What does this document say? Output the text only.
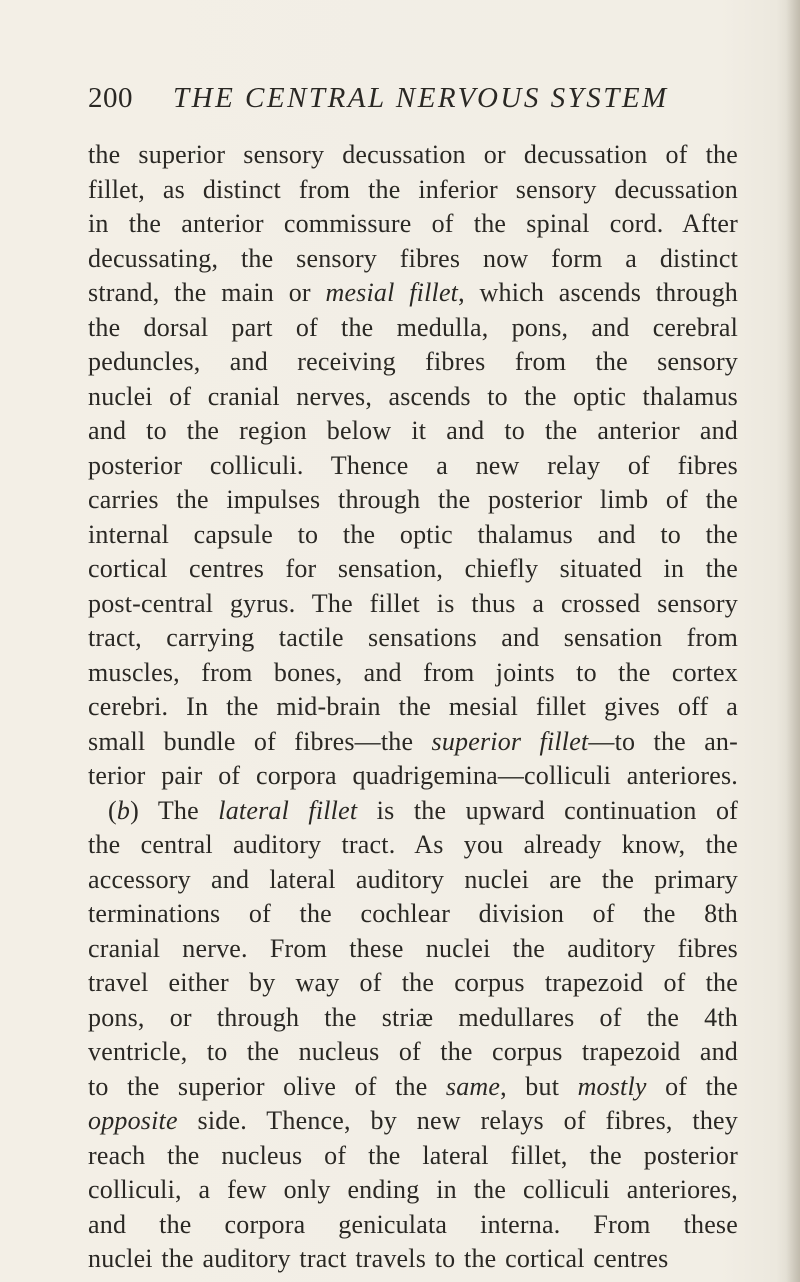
200 THE CENTRAL NERVOUS SYSTEM
the superior sensory decussation or decussation of the
fillet, as distinct from the inferior sensory decussation
in the anterior commissure of the spinal cord. After
decussating, the sensory fibres now form a distinct
strand, the main or mesial fillet, which ascends through
the dorsal part of the medulla, pons, and cerebral
peduncles, and receiving fibres from the sensory
nuclei of cranial nerves, ascends to the optic thalamus
and to the region below it and to the anterior and
posterior colliculi. Thence a new relay of fibres
carries the impulses through the posterior limb of the
internal capsule to the optic thalamus and to the
cortical centres for sensation, chiefly situated in the
post-central gyrus. The fillet is thus a crossed sensory
tract, carrying tactile sensations and sensation from
muscles, from bones, and from joints to the cortex
cerebri. In the mid-brain the mesial fillet gives off a
small bundle of fibres—the superior fillet—to the an-
terior pair of corpora quadrigemina—colliculi anteriores.
(b) The lateral fillet is the upward continuation of
the central auditory tract. As you already know, the
accessory and lateral auditory nuclei are the primary
terminations of the cochlear division of the 8th
cranial nerve. From these nuclei the auditory fibres
travel either by way of the corpus trapezoid of the
pons, or through the striæ medullares of the 4th
ventricle, to the nucleus of the corpus trapezoid and
to the superior olive of the same, but mostly of the
opposite side. Thence, by new relays of fibres, they
reach the nucleus of the lateral fillet, the posterior
colliculi, a few only ending in the colliculi anteriores,
and the corpora geniculata interna. From these
nuclei the auditory tract travels to the cortical centres
